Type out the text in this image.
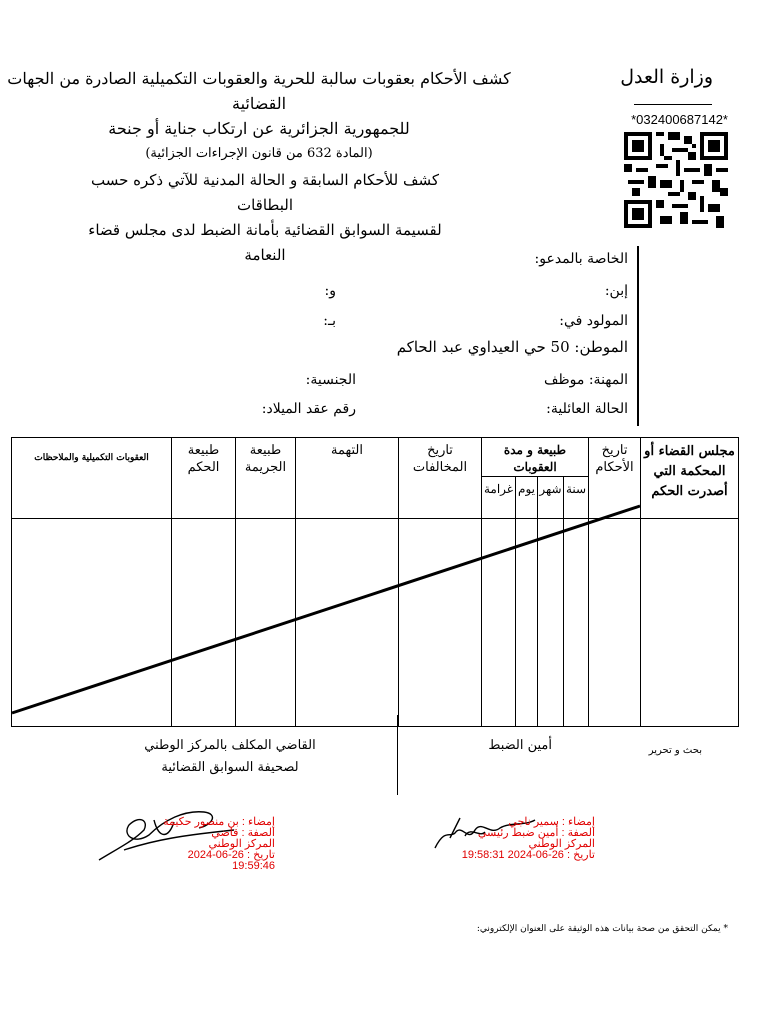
وزارة العدل
*032400687142*
كشف الأحكام بعقوبات سالبة للحرية والعقوبات التكميلية الصادرة من الجهات القضائية
للجمهورية الجزائرية عن ارتكاب جناية أو جنحة
(المادة 632 من قانون الإجراءات الجزائية)
كشف للأحكام السابقة و الحالة المدنية للآتي ذكره حسب البطاقات
لقسيمة السوابق القضائية بأمانة الضبط لدى مجلس قضاء النعامة	الخاصة بالمدعو:
إبن:
و:
المولود في:
بـ:
الموطن: 50 حي العيداوي عبد الحاكم
المهنة: موظف
الجنسية:
الحالة العائلية:
رقم عقد الميلاد:
مجلس القضاء أو المحكمة التي أصدرت الحكم	تاريخ الأحكام	طبيعة و مدة العقوبات				تاريخ المخالفات	التهمة	طبيعة الجريمة	طبيعة الحكم	العقوبات التكميلية والملاحظات
		سنة	شهر	يوم	غرامة					

بحث و تحرير
أمين الضبط
القاضي المكلف بالمركز الوطني
لصحيفة السوابق القضائية
إمضاء : سمير ناجي
الصفة : أمين ضبط رئيسي
المركز الوطني
تاريخ : 26-06-2024 19:58:31
إمضاء : بن منصور حكيمة
الصفة : قاضي
المركز الوطني
تاريخ : 26-06-2024 19:59:46
* يمكن التحقق من صحة بيانات هذه الوثيقة على العنوان الإلكتروني:
